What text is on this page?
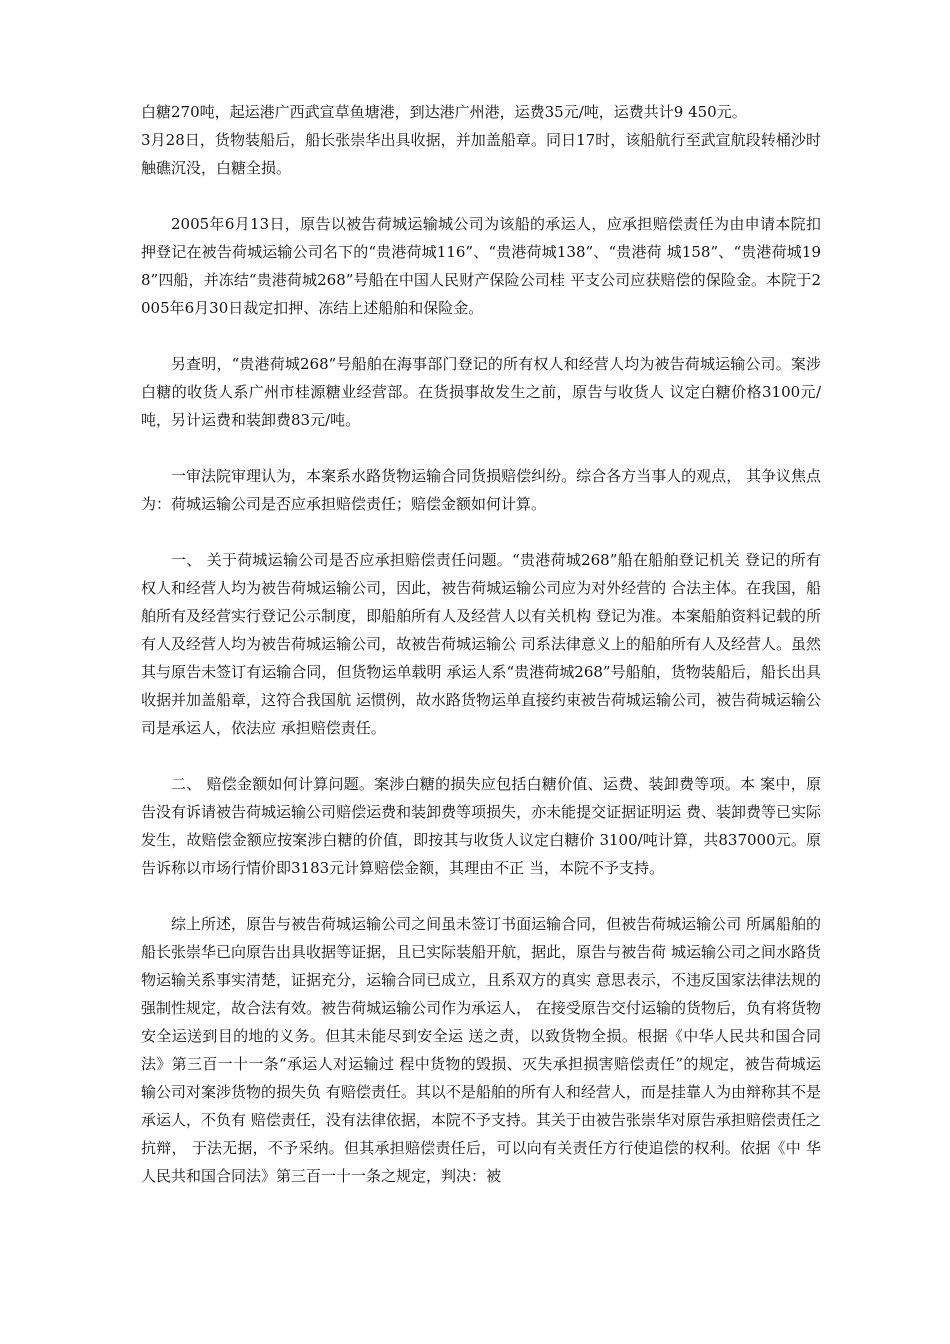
白糖270吨，起运港广西武宣草鱼塘港，到达港广州港，运费35元/吨，运费共计9 450元。

3月28日，货物装船后，船长张崇华出具收据，并加盖船章。同日17时，该船航行至武宣航段转桶沙时触礁沉没，白糖全损。

2005年6月13日，原告以被告荷城运输城公司为该船的承运人，应承担赔偿责任为由申请本院扣押登记在被告荷城运输公司名下的“贵港荷城116”、“贵港荷城138”、“贵港荷 城158”、“贵港荷城198”四船，并冻结“贵港荷城268”号船在中国人民财产保险公司桂 平支公司应获赔偿的保险金。本院于2005年6月30日裁定扣押、冻结上述船舶和保险金。

另查明，“贵港荷城268”号船舶在海事部门登记的所有权人和经营人均为被告荷城运输公司。案涉白糖的收货人系广州市桂源糖业经营部。在货损事故发生之前，原告与收货人 议定白糖价格3100元/吨，另计运费和装卸费83元/吨。

一审法院审理认为，本案系水路货物运输合同货损赔偿纠纷。综合各方当事人的观点， 其争议焦点为：荷城运输公司是否应承担赔偿责任；赔偿金额如何计算。

一、 关于荷城运输公司是否应承担赔偿责任问题。“贵港荷城268”船在船舶登记机关 登记的所有权人和经营人均为被告荷城运输公司，因此，被告荷城运输公司应为对外经营的 合法主体。在我国，船舶所有及经营实行登记公示制度，即船舶所有人及经营人以有关机构 登记为准。本案船舶资料记载的所有人及经营人均为被告荷城运输公司，故被告荷城运输公 司系法律意义上的船舶所有人及经营人。虽然其与原告未签订有运输合同，但货物运单载明 承运人系“贵港荷城268”号船舶，货物装船后，船长出具收据并加盖船章，这符合我国航 运惯例，故水路货物运单直接约束被告荷城运输公司，被告荷城运输公司是承运人，依法应 承担赔偿责任。

二、 赔偿金额如何计算问题。案涉白糖的损失应包括白糖价值、运费、装卸费等项。本 案中，原告没有诉请被告荷城运输公司赔偿运费和装卸费等项损失，亦未能提交证据证明运 费、装卸费等已实际发生，故赔偿金额应按案涉白糖的价值，即按其与收货人议定白糖价 3100/吨计算，共837000元。原告诉称以市场行情价即3183元计算赔偿金额，其理由不正 当，本院不予支持。

综上所述，原告与被告荷城运输公司之间虽未签订书面运输合同，但被告荷城运输公司 所属船舶的船长张崇华已向原告出具收据等证据，且已实际装船开航，据此，原告与被告荷 城运输公司之间水路货物运输关系事实清楚，证据充分，运输合同已成立，且系双方的真实 意思表示，不违反国家法律法规的强制性规定，故合法有效。被告荷城运输公司作为承运人， 在接受原告交付运输的货物后，负有将货物安全运送到目的地的义务。但其未能尽到安全运 送之责，以致货物全损。根据《中华人民共和国合同法》第三百一十一条“承运人对运输过 程中货物的毁损、灭失承担损害赔偿责任”的规定，被告荷城运输公司对案涉货物的损失负 有赔偿责任。其以不是船舶的所有人和经营人，而是挂靠人为由辩称其不是承运人，不负有 赔偿责任，没有法律依据，本院不予支持。其关于由被告张崇华对原告承担赔偿责任之抗辩， 于法无据，不予采纳。但其承担赔偿责任后，可以向有关责任方行使追偿的权利。依据《中 华人民共和国合同法》第三百一十一条之规定，判决：被
